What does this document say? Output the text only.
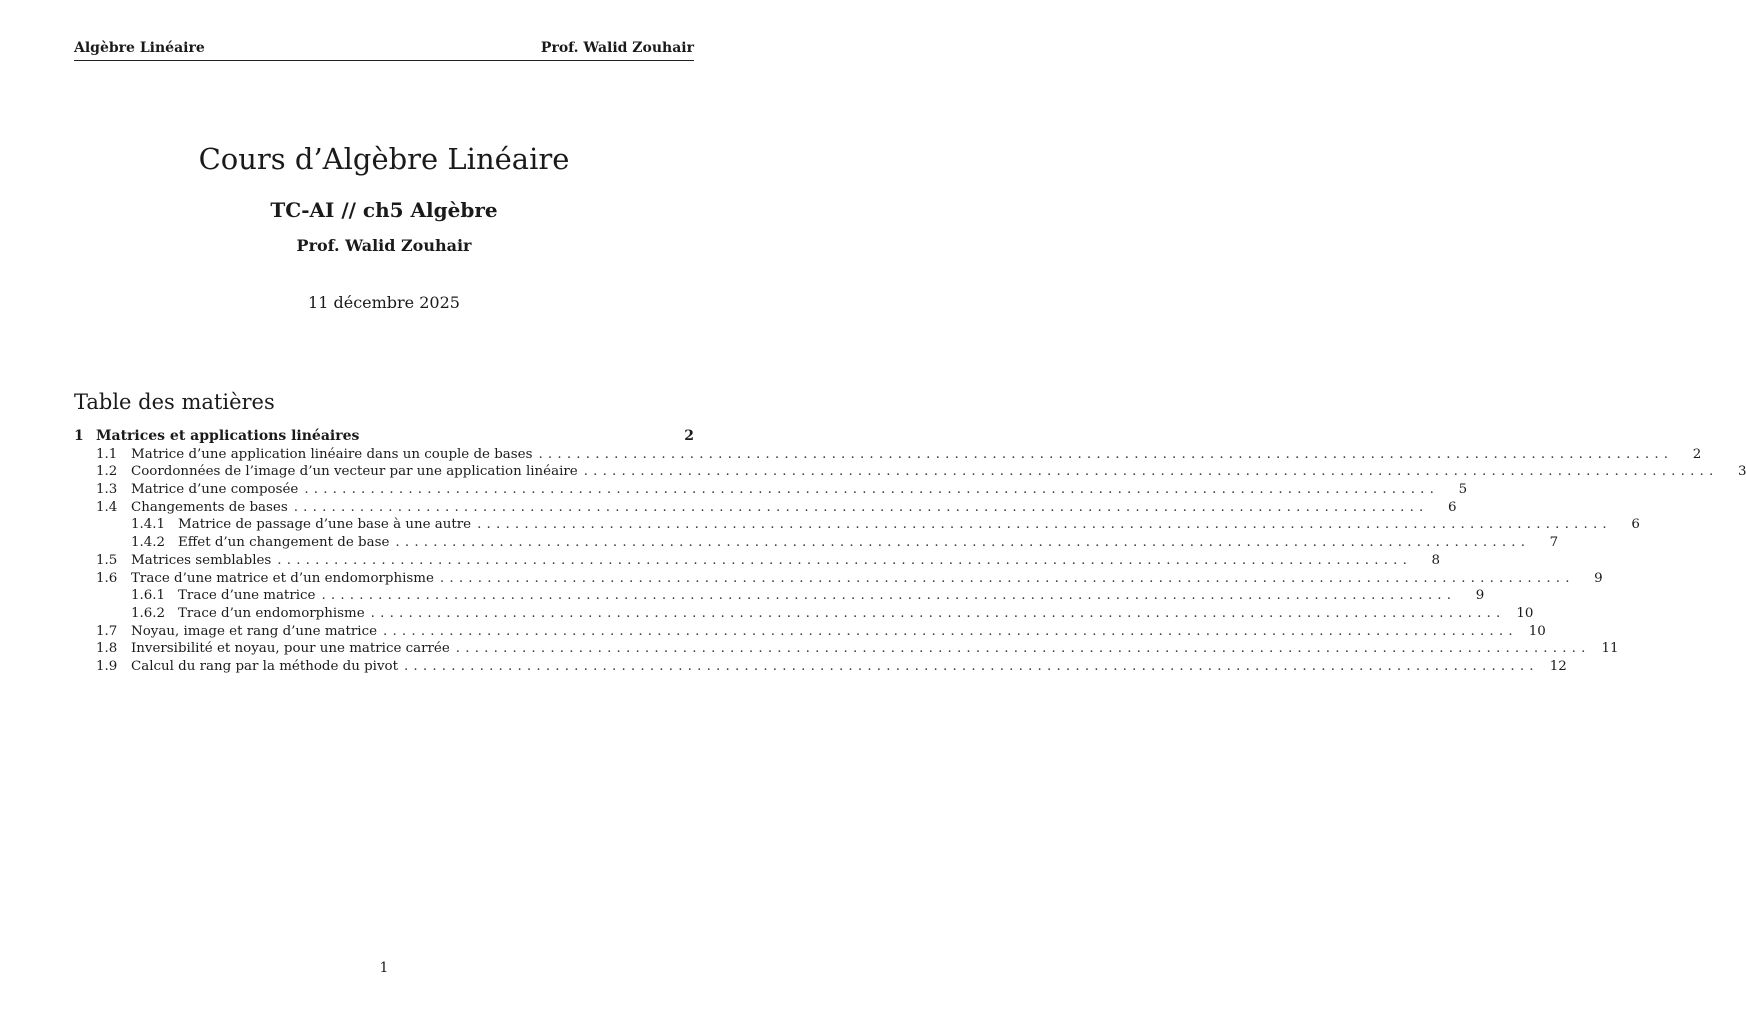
Algèbre Linéaire	Prof. Walid Zouhair
Cours d’Algèbre Linéaire
TC-AI // ch5 Algèbre
Prof. Walid Zouhair
11 décembre 2025
Table des matières
1 Matrices et applications linéaires	2
1.1	Matrice d’une application linéaire dans un couple de bases ........................................................................................................................	2
1.2	Coordonnées de l’image d’un vecteur par une application linéaire ........................................................................................................................	3
1.3	Matrice d’une composée ........................................................................................................................	5
1.4	Changements de bases ........................................................................................................................	6
1.4.1 Matrice de passage d’une base à une autre ........................................................................................................................	6
1.4.2 Effet d’un changement de base ........................................................................................................................	7
1.5	Matrices semblables ........................................................................................................................	8
1.6	Trace d’une matrice et d’un endomorphisme ........................................................................................................................	9
1.6.1 Trace d’une matrice ........................................................................................................................	9
1.6.2 Trace d’un endomorphisme ........................................................................................................................ 10
1.7	Noyau, image et rang d’une matrice ........................................................................................................................ 10
1.8	Inversibilité et noyau, pour une matrice carrée ........................................................................................................................ 11
1.9	Calcul du rang par la méthode du pivot ........................................................................................................................ 12
1
